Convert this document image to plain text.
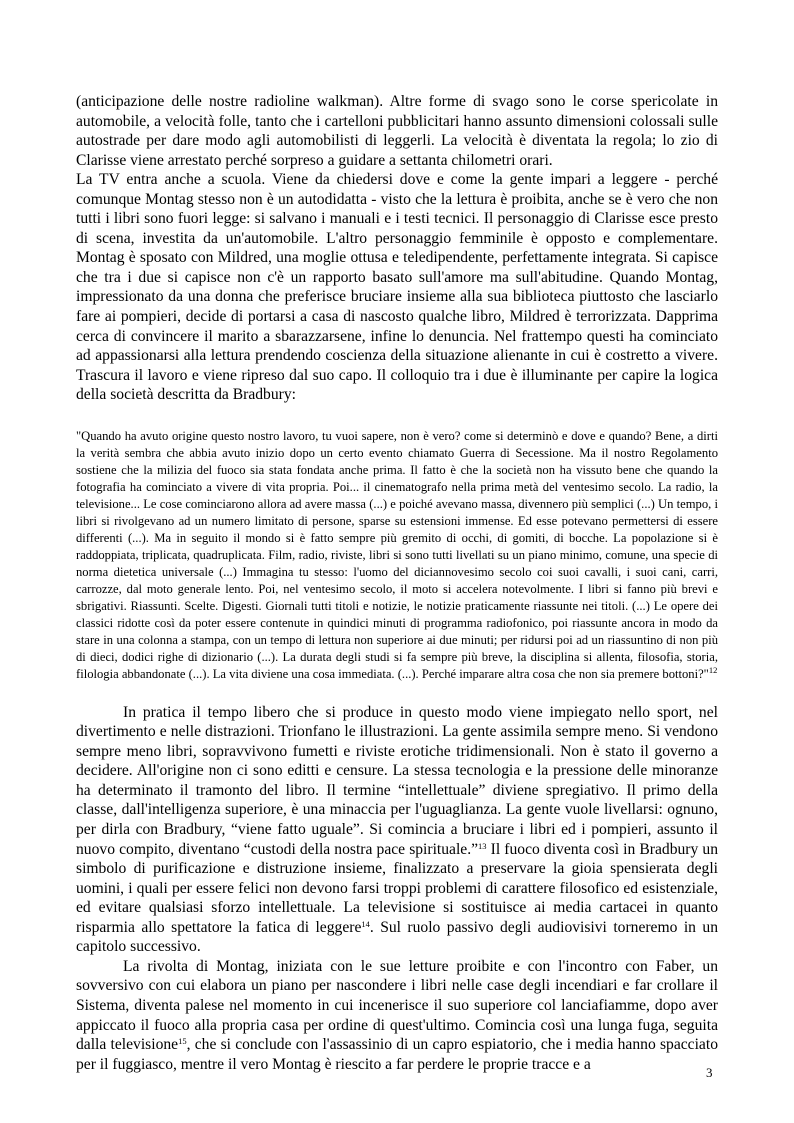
(anticipazione delle nostre radioline walkman). Altre forme di svago sono le corse spericolate in automobile, a velocità folle, tanto che i cartelloni pubblicitari hanno assunto dimensioni colossali sulle autostrade per dare modo agli automobilisti di leggerli. La velocità è diventata la regola; lo zio di Clarisse viene arrestato perché sorpreso a guidare a settanta chilometri orari.

La TV entra anche a scuola. Viene da chiedersi dove e come la gente impari a leggere - perché comunque Montag stesso non è un autodidatta - visto che la lettura è proibita, anche se è vero che non tutti i libri sono fuori legge: si salvano i manuali e i testi tecnici. Il personaggio di Clarisse esce presto di scena, investita da un'automobile. L'altro personaggio femminile è opposto e complementare. Montag è sposato con Mildred, una moglie ottusa e teledipendente, perfettamente integrata. Si capisce che tra i due si capisce non c'è un rapporto basato sull'amore ma sull'abitudine. Quando Montag, impressionato da una donna che preferisce bruciare insieme alla sua biblioteca piuttosto che lasciarlo fare ai pompieri, decide di portarsi a casa di nascosto qualche libro, Mildred è terrorizzata. Dapprima cerca di convincere il marito a sbarazzarsene, infine lo denuncia. Nel frattempo questi ha cominciato ad appassionarsi alla lettura prendendo coscienza della situazione alienante in cui è costretto a vivere. Trascura il lavoro e viene ripreso dal suo capo. Il colloquio tra i due è illuminante per capire la logica della società descritta da Bradbury:

"Quando ha avuto origine questo nostro lavoro, tu vuoi sapere, non è vero? come si determinò e dove e quando? Bene, a dirti la verità sembra che abbia avuto inizio dopo un certo evento chiamato Guerra di Secessione. Ma il nostro Regolamento sostiene che la milizia del fuoco sia stata fondata anche prima. Il fatto è che la società non ha vissuto bene che quando la fotografia ha cominciato a vivere di vita propria. Poi... il cinematografo nella prima metà del ventesimo secolo. La radio, la televisione... Le cose cominciarono allora ad avere massa (...) e poiché avevano massa, divennero più semplici (...) Un tempo, i libri si rivolgevano ad un numero limitato di persone, sparse su estensioni immense. Ed esse potevano permettersi di essere differenti (...). Ma in seguito il mondo si è fatto sempre più gremito di occhi, di gomiti, di bocche. La popolazione si è raddoppiata, triplicata, quadruplicata. Film, radio, riviste, libri si sono tutti livellati su un piano minimo, comune, una specie di norma dietetica universale (...) Immagina tu stesso: l'uomo del diciannovesimo secolo coi suoi cavalli, i suoi cani, carri, carrozze, dal moto generale lento. Poi, nel ventesimo secolo, il moto si accelera notevolmente. I libri si fanno più brevi e sbrigativi. Riassunti. Scelte. Digesti. Giornali tutti titoli e notizie, le notizie praticamente riassunte nei titoli. (...) Le opere dei classici ridotte così da poter essere contenute in quindici minuti di programma radiofonico, poi riassunte ancora in modo da stare in una colonna a stampa, con un tempo di lettura non superiore ai due minuti; per ridursi poi ad un riassuntino di non più di dieci, dodici righe di dizionario (...). La durata degli studi si fa sempre più breve, la disciplina si allenta, filosofia, storia, filologia abbandonate (...). La vita diviene una cosa immediata. (...). Perché imparare altra cosa che non sia premere bottoni?"$^{12}$

In pratica il tempo libero che si produce in questo modo viene impiegato nello sport, nel divertimento e nelle distrazioni. Trionfano le illustrazioni. La gente assimila sempre meno. Si vendono sempre meno libri, sopravvivono fumetti e riviste erotiche tridimensionali. Non è stato il governo a decidere. All'origine non ci sono editti e censure. La stessa tecnologia e la pressione delle minoranze ha determinato il tramonto del libro. Il termine “intellettuale” diviene spregiativo. Il primo della classe, dall'intelligenza superiore, è una minaccia per l'uguaglianza. La gente vuole livellarsi: ognuno, per dirla con Bradbury, “viene fatto uguale”. Si comincia a bruciare i libri ed i pompieri, assunto il nuovo compito, diventano “custodi della nostra pace spirituale.”$^{13}$ Il fuoco diventa così in Bradbury un simbolo di purificazione e distruzione insieme, finalizzato a preservare la gioia spensierata degli uomini, i quali per essere felici non devono farsi troppi problemi di carattere filosofico ed esistenziale, ed evitare qualsiasi sforzo intellettuale. La televisione si sostituisce ai media cartacei in quanto risparmia allo spettatore la fatica di leggere$^{14}$. Sul ruolo passivo degli audiovisivi torneremo in un capitolo successivo.

La rivolta di Montag, iniziata con le sue letture proibite e con l'incontro con Faber, un sovversivo con cui elabora un piano per nascondere i libri nelle case degli incendiari e far crollare il Sistema, diventa palese nel momento in cui incenerisce il suo superiore col lanciafiamme, dopo aver appiccato il fuoco alla propria casa per ordine di quest'ultimo. Comincia così una lunga fuga, seguita dalla televisione$^{15}$, che si conclude con l'assassinio di un capro espiatorio, che i media hanno spacciato per il fuggiasco, mentre il vero Montag è riescito a far perdere le proprie tracce e a	3
